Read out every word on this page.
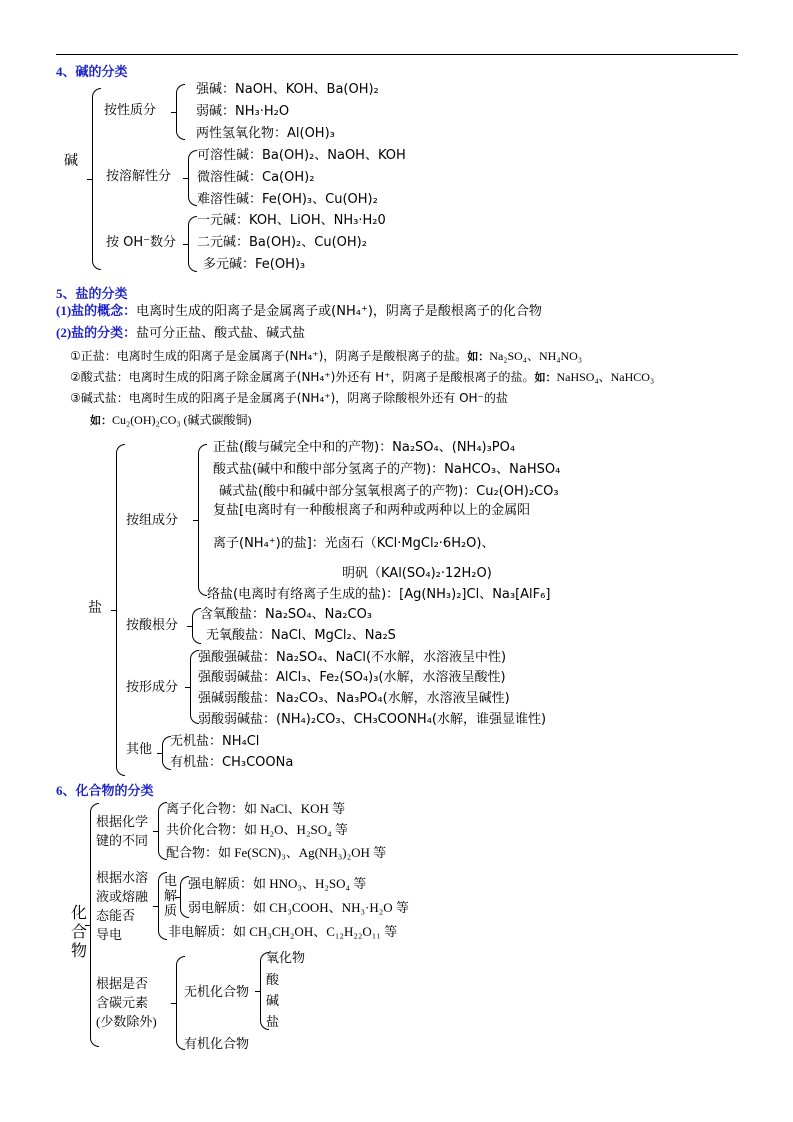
4、碱的分类
碱
按性质分
强碱：NaOH、KOH、Ba(OH)₂
弱碱：NH₃·H₂O
两性氢氧化物：Al(OH)₃
按溶解性分
可溶性碱：Ba(OH)₂、NaOH、KOH
微溶性碱：Ca(OH)₂
难溶性碱：Fe(OH)₃、Cu(OH)₂
按 OH⁻数分
一元碱：KOH、LiOH、NH₃·H₂0
二元碱：Ba(OH)₂、Cu(OH)₂
多元碱：Fe(OH)₃
5、盐的分类
(1)盐的概念：电离时生成的阳离子是金属离子或(NH₄⁺)，阴离子是酸根离子的化合物
(2)盐的分类：盐可分正盐、酸式盐、碱式盐
①正盐：电离时生成的阳离子是金属离子(NH₄⁺)，阴离子是酸根离子的盐。如：Na₂SO₄、NH₄NO₃
②酸式盐：电离时生成的阳离子除金属离子(NH₄⁺)外还有 H⁺，阴离子是酸根离子的盐。如：NaHSO₄、NaHCO₃
③碱式盐：电离时生成的阳离子是金属离子(NH₄⁺)，阴离子除酸根外还有 OH⁻的盐
如：Cu₂(OH)₂CO₃ (碱式碳酸铜)
盐
按组成分
正盐(酸与碱完全中和的产物)：Na₂SO₄、(NH₄)₃PO₄
酸式盐(碱中和酸中部分氢离子的产物)：NaHCO₃、NaHSO₄
碱式盐(酸中和碱中部分氢氧根离子的产物)：Cu₂(OH)₂CO₃
复盐[电离时有一种酸根离子和两种或两种以上的金属阳
离子(NH₄⁺)的盐]：光卤石（KCl·MgCl₂·6H₂O)、
明矾（KAl(SO₄)₂·12H₂O)
络盐(电离时有络离子生成的盐)：[Ag(NH₃)₂]Cl、Na₃[AlF₆]
按酸根分
含氧酸盐：Na₂SO₄、Na₂CO₃
无氧酸盐：NaCl、MgCl₂、Na₂S
按形成分
强酸强碱盐：Na₂SO₄、NaCl(不水解，水溶液呈中性)
强酸弱碱盐：AlCl₃、Fe₂(SO₄)₃(水解，水溶液呈酸性)
强碱弱酸盐：Na₂CO₃、Na₃PO₄(水解，水溶液呈碱性)
弱酸弱碱盐：(NH₄)₂CO₃、CH₃COONH₄(水解，谁强显谁性)
其他
无机盐：NH₄Cl
有机盐：CH₃COONa
6、化合物的分类
化
合
物
根据化学
键的不同
离子化合物：如 NaCl、KOH 等
共价化合物：如 H₂O、H₂SO₄ 等
配合物：如 Fe(SCN)₃、Ag(NH₃)₂OH 等
根据水溶
液或熔融
态能否
导电
电
解
质
强电解质：如 HNO₃、H₂SO₄ 等
弱电解质：如 CH₃COOH、NH₃·H₂O 等
非电解质：如 CH₃CH₂OH、C₁₂H₂₂O₁₁ 等
根据是否
含碳元素
(少数除外)
无机化合物
氧化物
酸
碱
盐
有机化合物
